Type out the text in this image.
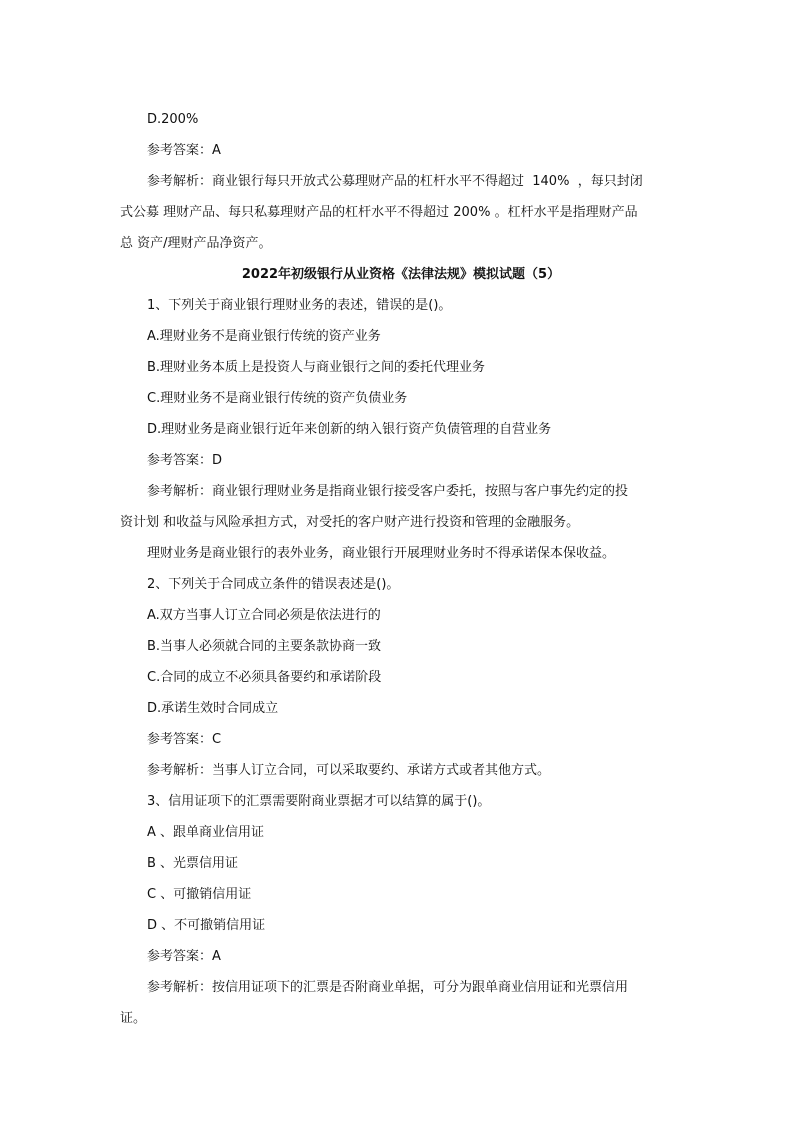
D.200%
参考答案：A
参考解析：商业银行每只开放式公募理财产品的杠杆水平不得超过  140%  ，每只封闭
式公募 理财产品、每只私募理财产品的杠杆水平不得超过 200% 。杠杆水平是指理财产品
总 资产/理财产品净资产。
2022年初级银行从业资格《法律法规》模拟试题（5）
1、下列关于商业银行理财业务的表述，错误的是()。
A.理财业务不是商业银行传统的资产业务
B.理财业务本质上是投资人与商业银行之间的委托代理业务
C.理财业务不是商业银行传统的资产负债业务
D.理财业务是商业银行近年来创新的纳入银行资产负债管理的自营业务
参考答案：D
参考解析：商业银行理财业务是指商业银行接受客户委托，按照与客户事先约定的投
资计划 和收益与风险承担方式，对受托的客户财产进行投资和管理的金融服务。
理财业务是商业银行的表外业务，商业银行开展理财业务时不得承诺保本保收益。
2、下列关于合同成立条件的错误表述是()。
A.双方当事人订立合同必须是依法进行的
B.当事人必须就合同的主要条款协商一致
C.合同的成立不必须具备要约和承诺阶段
D.承诺生效时合同成立
参考答案：C
参考解析：当事人订立合同，可以采取要约、承诺方式或者其他方式。
3、信用证项下的汇票需要附商业票据才可以结算的属于()。
A 、跟单商业信用证
B 、光票信用证
C 、可撤销信用证
D 、不可撤销信用证
参考答案：A
参考解析：按信用证项下的汇票是否附商业单据，可分为跟单商业信用证和光票信用
证。
